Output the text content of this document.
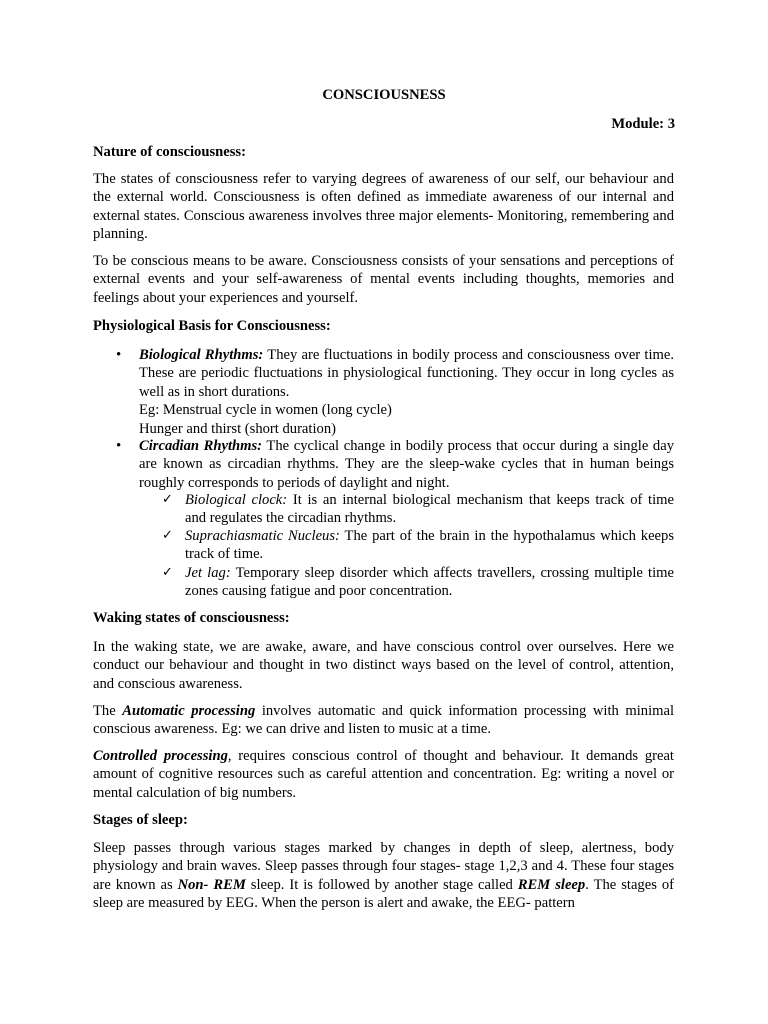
CONSCIOUSNESS
Module: 3
Nature of consciousness:
The states of consciousness refer to varying degrees of awareness of our self, our behaviour and the external world. Consciousness is often defined as immediate awareness of our internal and external states. Conscious awareness involves three major elements- Monitoring, remembering and planning.
To be conscious means to be aware. Consciousness consists of your sensations and perceptions of external events and your self-awareness of mental events including thoughts, memories and feelings about your experiences and yourself.
Physiological Basis for Consciousness:
• Biological Rhythms: They are fluctuations in bodily process and consciousness over time. These are periodic fluctuations in physiological functioning. They occur in long cycles as well as in short durations.
Eg: Menstrual cycle in women (long cycle)
Hunger and thirst (short duration)
• Circadian Rhythms: The cyclical change in bodily process that occur during a single day are known as circadian rhythms. They are the sleep-wake cycles that in human beings roughly corresponds to periods of daylight and night.
✓ Biological clock: It is an internal biological mechanism that keeps track of time and regulates the circadian rhythms.
✓ Suprachiasmatic Nucleus: The part of the brain in the hypothalamus which keeps track of time.
✓ Jet lag: Temporary sleep disorder which affects travellers, crossing multiple time zones causing fatigue and poor concentration.
Waking states of consciousness:
In the waking state, we are awake, aware, and have conscious control over ourselves. Here we conduct our behaviour and thought in two distinct ways based on the level of control, attention, and conscious awareness.
The Automatic processing involves automatic and quick information processing with minimal conscious awareness. Eg: we can drive and listen to music at a time.
Controlled processing, requires conscious control of thought and behaviour. It demands great amount of cognitive resources such as careful attention and concentration. Eg: writing a novel or mental calculation of big numbers.
Stages of sleep:
Sleep passes through various stages marked by changes in depth of sleep, alertness, body physiology and brain waves. Sleep passes through four stages- stage 1,2,3 and 4. These four stages are known as Non- REM sleep. It is followed by another stage called REM sleep. The stages of sleep are measured by EEG. When the person is alert and awake, the EEG- pattern
